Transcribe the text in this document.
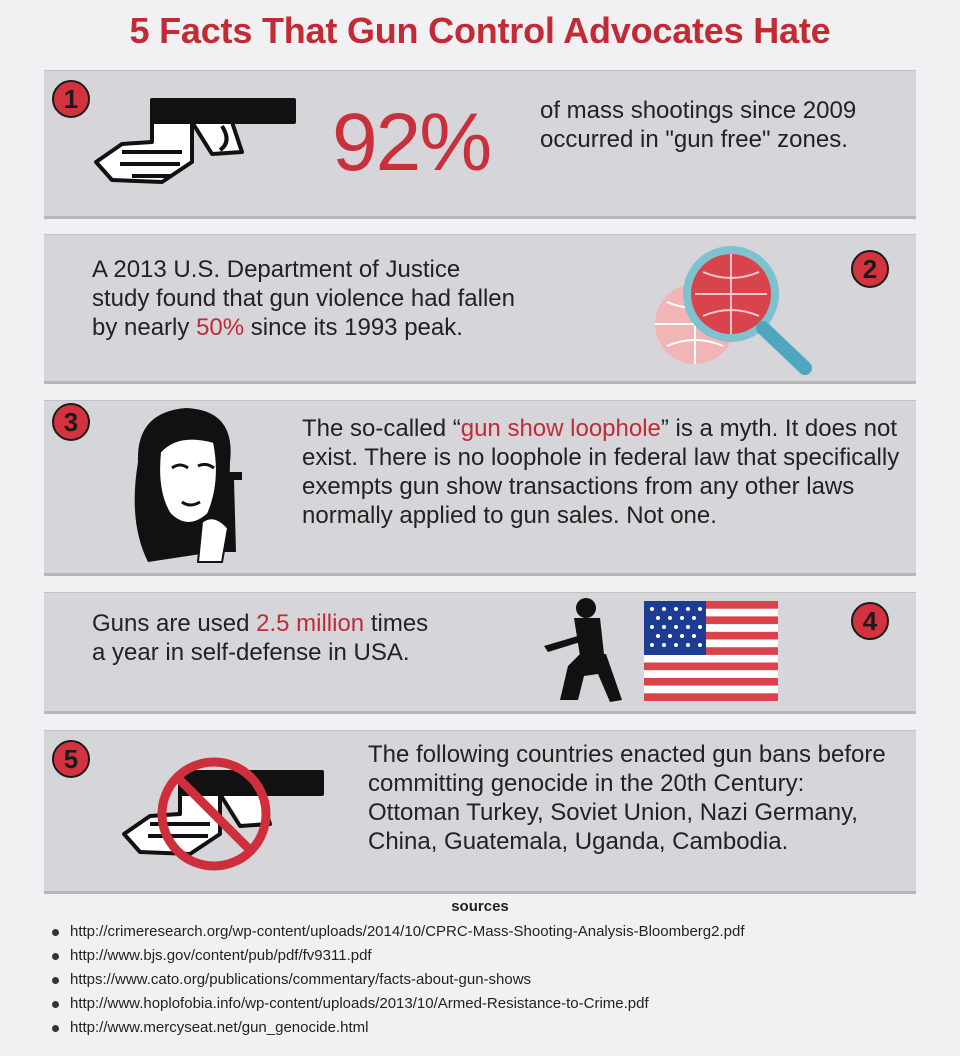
5 Facts That Gun Control Advocates Hate
1	92% of mass shootings since 2009 occurred in "gun free" zones.
A 2013 U.S. Department of Justice study found that gun violence had fallen by nearly 50% since its 1993 peak.
2
3	The so-called “gun show loophole” is a myth. It does not exist. There is no loophole in federal law that specifically exempts gun show transactions from any other laws normally applied to gun sales. Not one.
Guns are used 2.5 million times a year in self-defense in USA.
4
5	The following countries enacted gun bans before committing genocide in the 20th Century: Ottoman Turkey, Soviet Union, Nazi Germany, China, Guatemala, Uganda, Cambodia.
sources
http://crimeresearch.org/wp-content/uploads/2014/10/CPRC-Mass-Shooting-Analysis-Bloomberg2.pdf
http://www.bjs.gov/content/pub/pdf/fv9311.pdf
https://www.cato.org/publications/commentary/facts-about-gun-shows
http://www.hoplofobia.info/wp-content/uploads/2013/10/Armed-Resistance-to-Crime.pdf
http://www.mercyseat.net/gun_genocide.html
